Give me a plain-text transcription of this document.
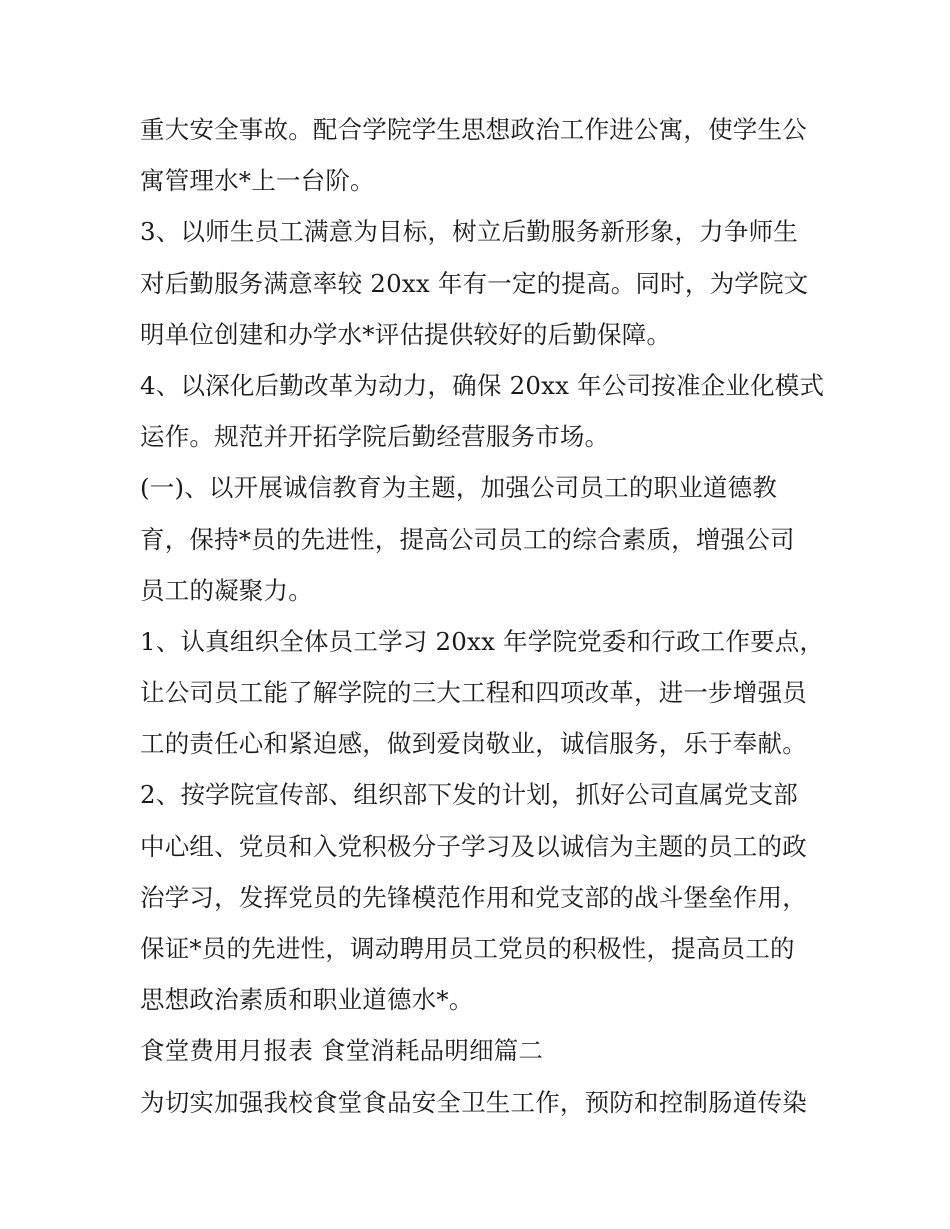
重大安全事故。配合学院学生思想政治工作进公寓，使学生公
寓管理水*上一台阶。
3、以师生员工满意为目标，树立后勤服务新形象，力争师生
对后勤服务满意率较 20xx 年有一定的提高。同时，为学院文
明单位创建和办学水*评估提供较好的后勤保障。
4、以深化后勤改革为动力，确保 20xx 年公司按准企业化模式
运作。规范并开拓学院后勤经营服务市场。
(一)、以开展诚信教育为主题，加强公司员工的职业道德教
育，保持*员的先进性，提高公司员工的综合素质，增强公司
员工的凝聚力。
1、认真组织全体员工学习 20xx 年学院党委和行政工作要点，
让公司员工能了解学院的三大工程和四项改革，进一步增强员
工的责任心和紧迫感，做到爱岗敬业，诚信服务，乐于奉献。
2、按学院宣传部、组织部下发的计划，抓好公司直属党支部
中心组、党员和入党积极分子学习及以诚信为主题的员工的政
治学习，发挥党员的先锋模范作用和党支部的战斗堡垒作用，
保证*员的先进性，调动聘用员工党员的积极性，提高员工的
思想政治素质和职业道德水*。
食堂费用月报表 食堂消耗品明细篇二
为切实加强我校食堂食品安全卫生工作，预防和控制肠道传染
